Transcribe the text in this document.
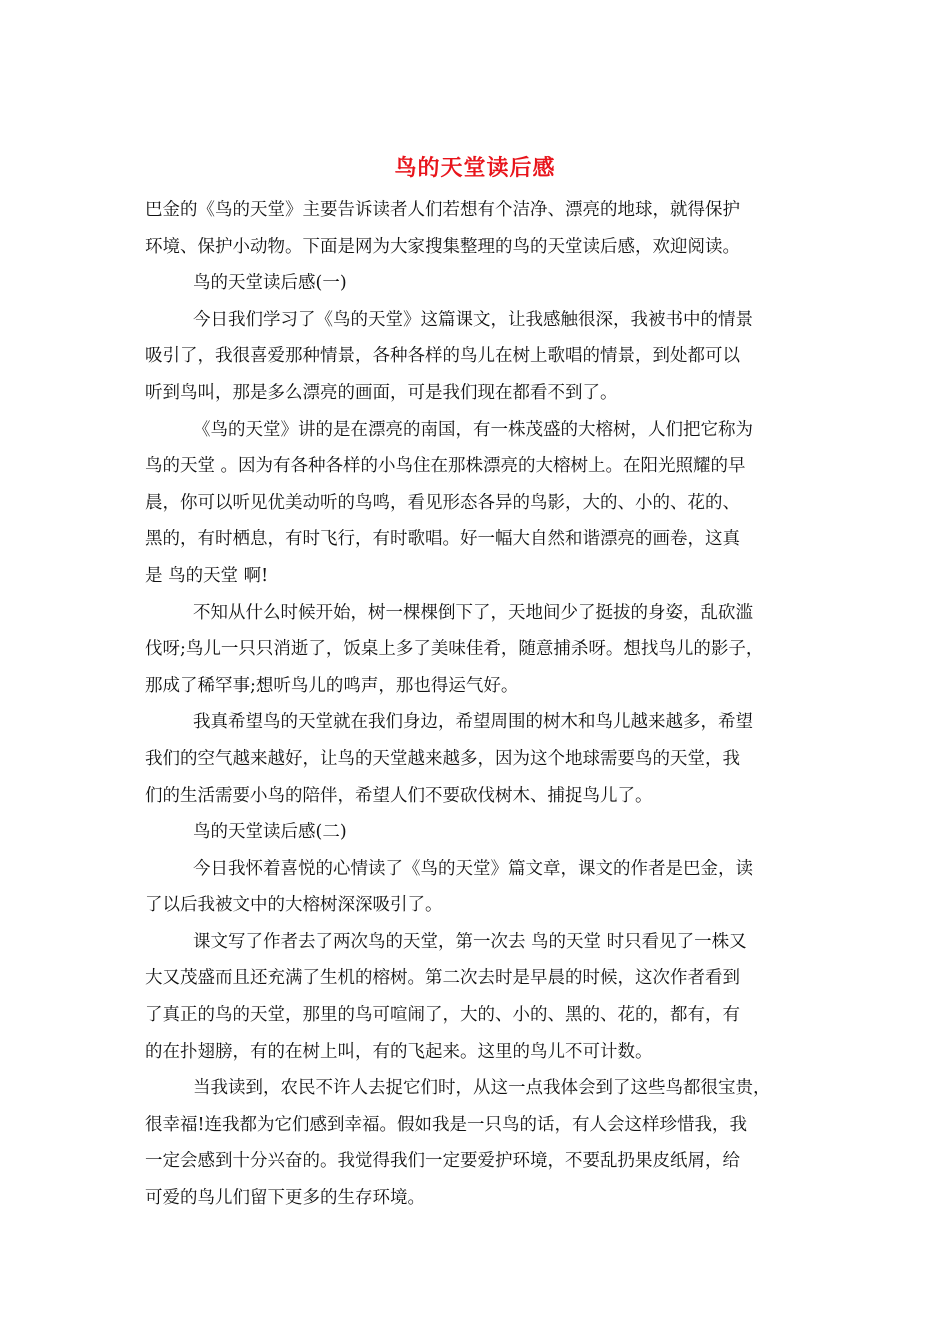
鸟的天堂读后感
巴金的《鸟的天堂》主要告诉读者人们若想有个洁净、漂亮的地球，就得保护
环境、保护小动物。下面是网为大家搜集整理的鸟的天堂读后感，欢迎阅读。
鸟的天堂读后感(一)
今日我们学习了《鸟的天堂》这篇课文，让我感触很深，我被书中的情景
吸引了，我很喜爱那种情景，各种各样的鸟儿在树上歌唱的情景，到处都可以
听到鸟叫，那是多么漂亮的画面，可是我们现在都看不到了。
《鸟的天堂》讲的是在漂亮的南国，有一株茂盛的大榕树，人们把它称为
鸟的天堂 。因为有各种各样的小鸟住在那株漂亮的大榕树上。在阳光照耀的早
晨，你可以听见优美动听的鸟鸣，看见形态各异的鸟影，大的、小的、花的、
黑的，有时栖息，有时飞行，有时歌唱。好一幅大自然和谐漂亮的画卷，这真
是 鸟的天堂 啊!
不知从什么时候开始，树一棵棵倒下了，天地间少了挺拔的身姿，乱砍滥
伐呀;鸟儿一只只消逝了，饭桌上多了美味佳肴，随意捕杀呀。想找鸟儿的影子，
那成了稀罕事;想听鸟儿的鸣声，那也得运气好。
我真希望鸟的天堂就在我们身边，希望周围的树木和鸟儿越来越多，希望
我们的空气越来越好，让鸟的天堂越来越多，因为这个地球需要鸟的天堂，我
们的生活需要小鸟的陪伴，希望人们不要砍伐树木、捕捉鸟儿了。
鸟的天堂读后感(二)
今日我怀着喜悦的心情读了《鸟的天堂》篇文章，课文的作者是巴金，读
了以后我被文中的大榕树深深吸引了。
课文写了作者去了两次鸟的天堂，第一次去 鸟的天堂 时只看见了一株又
大又茂盛而且还充满了生机的榕树。第二次去时是早晨的时候，这次作者看到
了真正的鸟的天堂，那里的鸟可喧闹了，大的、小的、黑的、花的，都有，有
的在扑翅膀，有的在树上叫，有的飞起来。这里的鸟儿不可计数。
当我读到，农民不许人去捉它们时，从这一点我体会到了这些鸟都很宝贵，
很幸福!连我都为它们感到幸福。假如我是一只鸟的话，有人会这样珍惜我，我
一定会感到十分兴奋的。我觉得我们一定要爱护环境，不要乱扔果皮纸屑，给
可爱的鸟儿们留下更多的生存环境。
